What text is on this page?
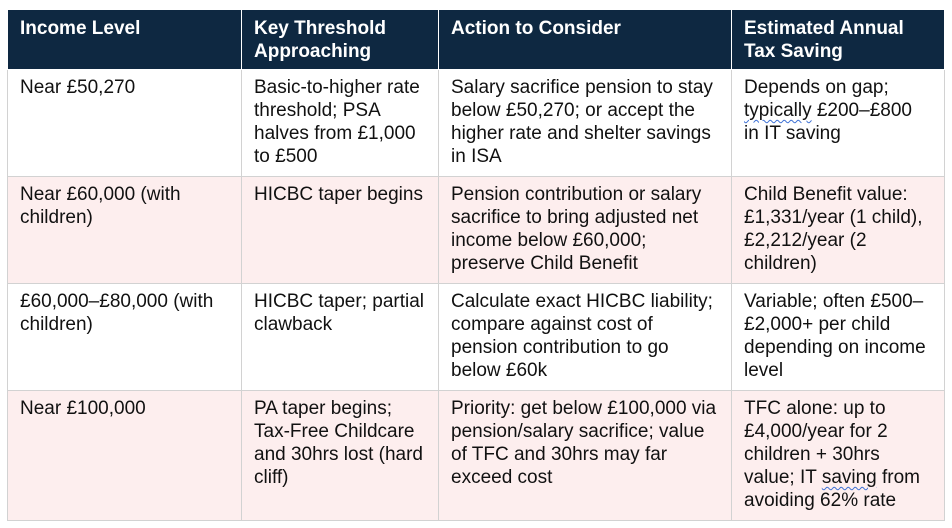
Income Level	Key Threshold Approaching	Action to Consider	Estimated Annual Tax Saving
Near £50,270	Basic-to-higher rate threshold; PSA halves from £1,000 to £500	Salary sacrifice pension to stay below £50,270; or accept the higher rate and shelter savings in ISA	Depends on gap; typically £200–£800 in IT saving
Near £60,000 (with children)	HICBC taper begins	Pension contribution or salary sacrifice to bring adjusted net income below £60,000; preserve Child Benefit	Child Benefit value: £1,331/year (1 child), £2,212/year (2 children)
£60,000–£80,000 (with children)	HICBC taper; partial clawback	Calculate exact HICBC liability; compare against cost of pension contribution to go below £60k	Variable; often £500–£2,000+ per child depending on income level
Near £100,000	PA taper begins; Tax-Free Childcare and 30hrs lost (hard cliff)	Priority: get below £100,000 via pension/salary sacrifice; value of TFC and 30hrs may far exceed cost	TFC alone: up to £4,000/year for 2 children + 30hrs value; IT saving from avoiding 62% rate
